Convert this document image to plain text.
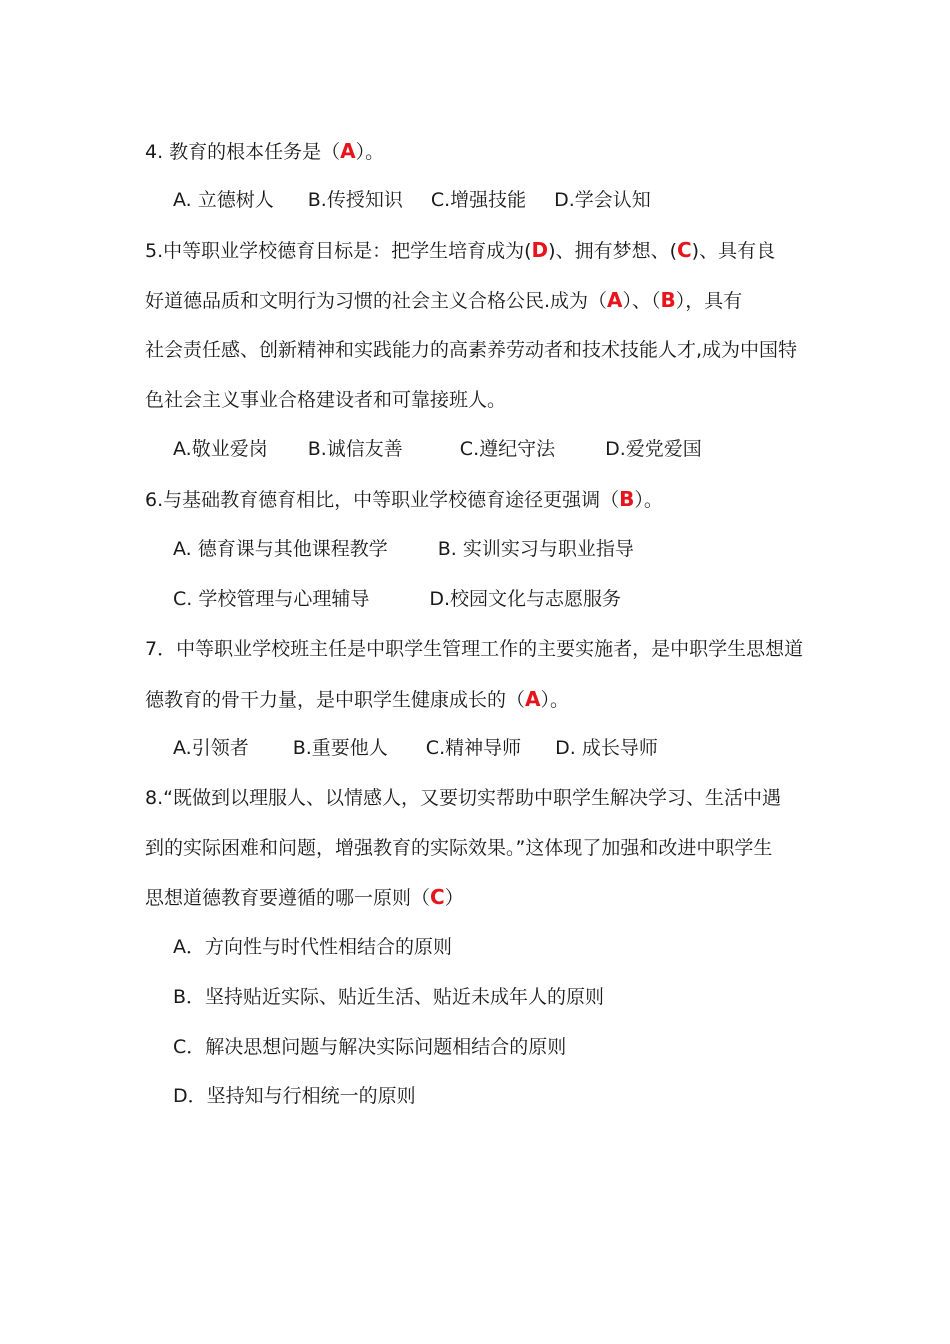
4. 教育的根本任务是（A）。
A. 立德树人 B.传授知识 C.增强技能 D.学会认知
5.中等职业学校德育目标是：把学生培育成为(D)、拥有梦想、(C)、具有良
好道德品质和文明行为习惯的社会主义合格公民.成为（A）、（B），具有
社会责任感、创新精神和实践能力的高素养劳动者和技术技能人才,成为中国特
色社会主义事业合格建设者和可靠接班人。
A.敬业爱岗 B.诚信友善	C.遵纪守法	D.爱党爱国
6.与基础教育德育相比，中等职业学校德育途径更强调（B）。
A. 德育课与其他课程教学	B. 实训实习与职业指导
C. 学校管理与心理辅导	D.校园文化与志愿服务
7．中等职业学校班主任是中职学生管理工作的主要实施者，是中职学生思想道
德教育的骨干力量，是中职学生健康成长的（A）。
A.引领者 B.重要他人 C.精神导师 D. 成长导师
8.“既做到以理服人、以情感人，又要切实帮助中职学生解决学习、生活中遇
到的实际困难和问题，增强教育的实际效果。”这体现了加强和改进中职学生
思想道德教育要遵循的哪一原则（C）
A．方向性与时代性相结合的原则
B．坚持贴近实际、贴近生活、贴近未成年人的原则
C．解决思想问题与解决实际问题相结合的原则
D．坚持知与行相统一的原则
